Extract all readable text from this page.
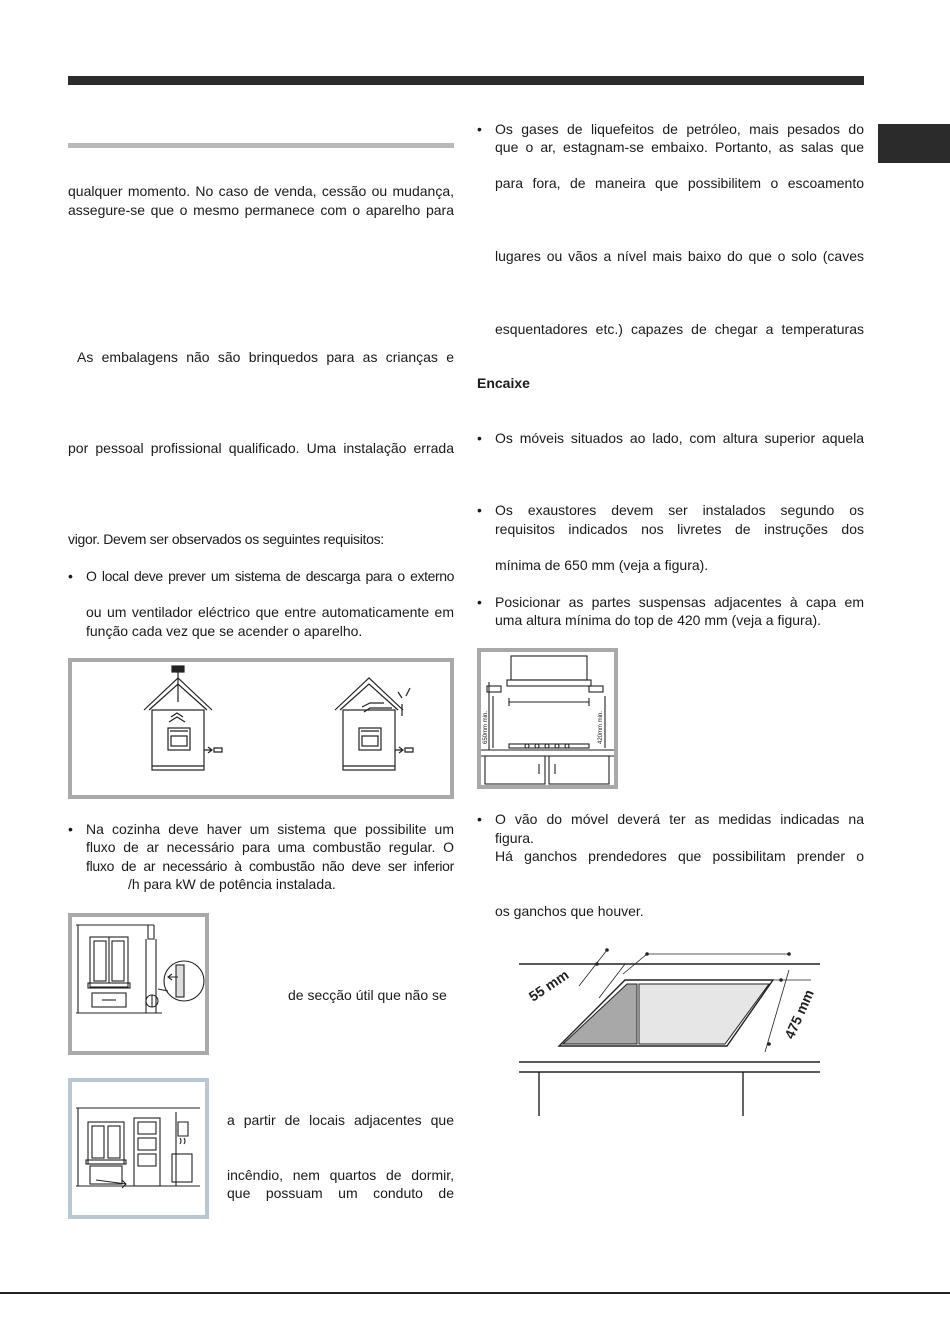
qualquer momento. No caso de venda, cessão ou mudança,
assegure-se que o mesmo permanece com o aparelho para
As embalagens não são brinquedos para as crianças e
por pessoal profissional qualificado. Uma instalação errada
vigor. Devem ser observados os seguintes requisitos:
• O local deve prever um sistema de descarga para o externo
ou um ventilador eléctrico que entre automaticamente em
função cada vez que se acender o aparelho.
• Na cozinha deve haver um sistema que possibilite um
fluxo de ar necessário para uma combustão regular. O
fluxo de ar necessário à combustão não deve ser inferior
/h para kW de potência instalada.
de secção útil que não se
a partir de locais adjacentes que
incêndio, nem quartos de dormir,
que possuam um conduto de
• Os gases de liquefeitos de petróleo, mais pesados do
que o ar, estagnam-se embaixo. Portanto, as salas que
para fora, de maneira que possibilitem o escoamento
lugares ou vãos a nível mais baixo do que o solo (caves
esquentadores etc.) capazes de chegar a temperaturas
Encaixe
• Os móveis situados ao lado, com altura superior aquela
• Os exaustores devem ser instalados segundo os
requisitos indicados nos livretes de instruções dos
mínima de 650 mm (veja a figura).
• Posicionar as partes suspensas adjacentes à capa em
uma altura mínima do top de 420 mm (veja a figura).
650mm min.	420mm min.
• O vão do móvel deverá ter as medidas indicadas na
figura.
Há ganchos prendedores que possibilitam prender o
os ganchos que houver.
55 mm
475 mm
